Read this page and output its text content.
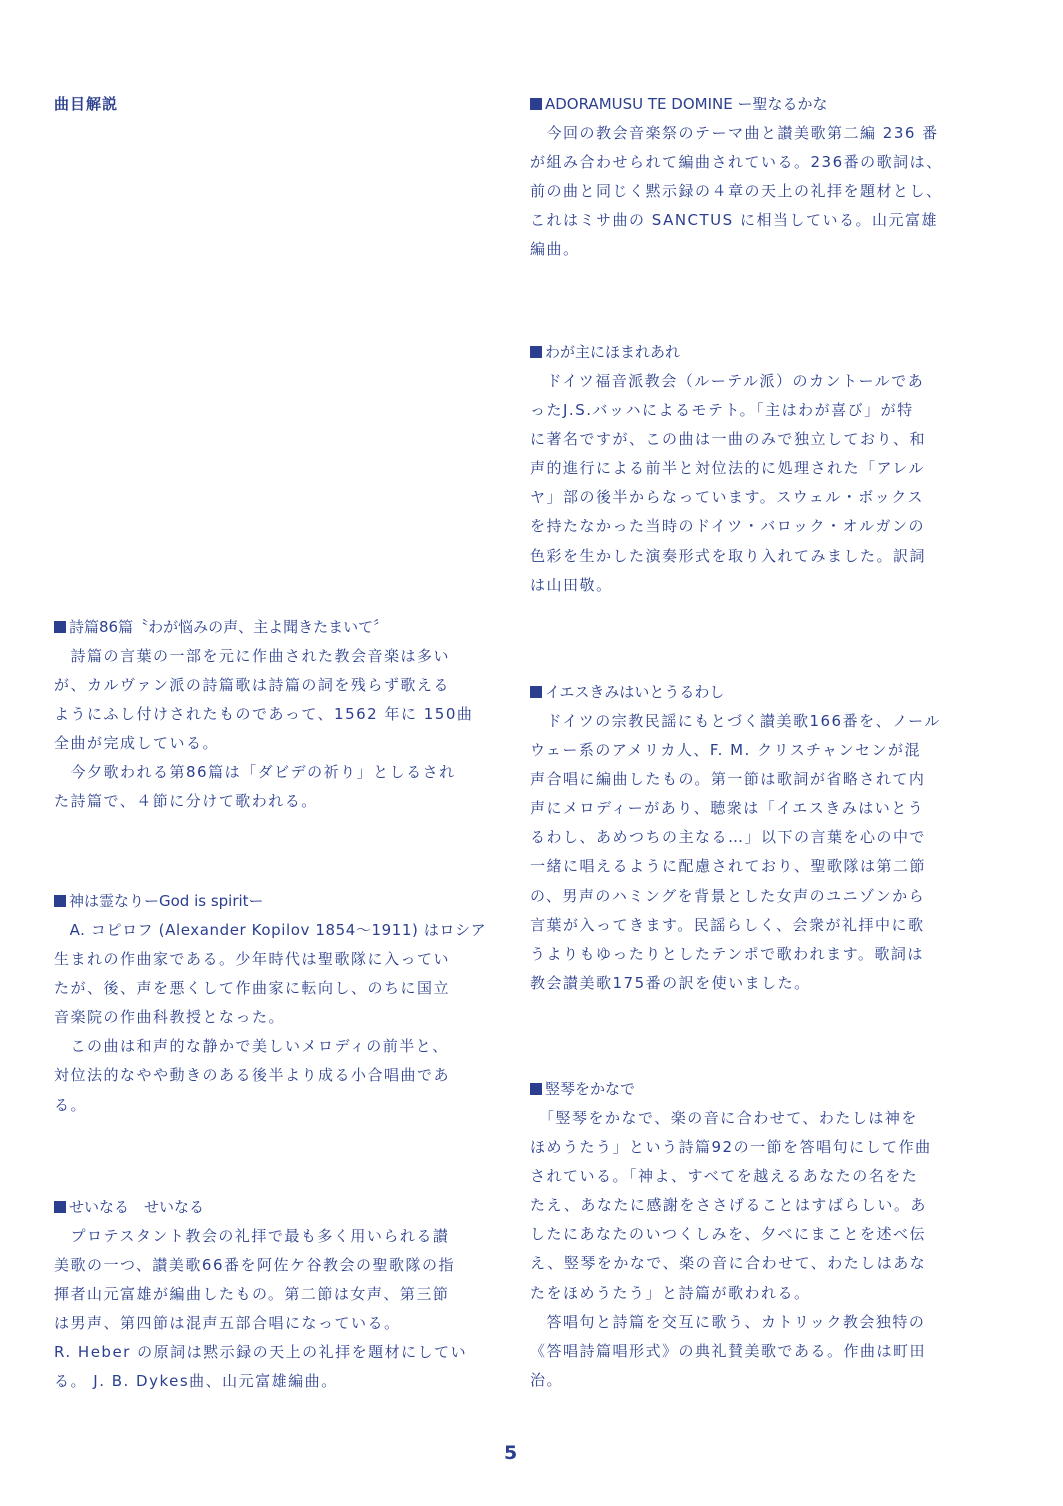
曲目解説	ADORAMUSU TE DOMINE ー聖なるかな
　今回の教会音楽祭のテーマ曲と讃美歌第二編 236 番
が組み合わせられて編曲されている。236番の歌詞は、
前の曲と同じく黙示録の４章の天上の礼拝を題材とし、
これはミサ曲の SANCTUS に相当している。山元富雄
編曲。
わが主にほまれあれ
　ドイツ福音派教会（ルーテル派）のカントールであ
ったJ.S.バッハによるモテト。「主はわが喜び」が特
に著名ですが、この曲は一曲のみで独立しており、和
声的進行による前半と対位法的に処理された「アレル
ヤ」部の後半からなっています。スウェル・ボックス
を持たなかった当時のドイツ・バロック・オルガンの
色彩を生かした演奏形式を取り入れてみました。訳詞
は山田敬。
イエスきみはいとうるわし
　ドイツの宗教民謡にもとづく讃美歌166番を、ノール
ウェー系のアメリカ人、F. M. クリスチャンセンが混
声合唱に編曲したもの。第一節は歌詞が省略されて内
声にメロディーがあり、聴衆は「イエスきみはいとう
るわし、あめつちの主なる…」以下の言葉を心の中で
一緒に唱えるように配慮されており、聖歌隊は第二節
の、男声のハミングを背景とした女声のユニゾンから
言葉が入ってきます。民謡らしく、会衆が礼拝中に歌
うよりもゆったりとしたテンポで歌われます。歌詞は
教会讃美歌175番の訳を使いました。
竪琴をかなで
　「竪琴をかなで、楽の音に合わせて、わたしは神を
ほめうたう」という詩篇92の一節を答唱句にして作曲
されている。「神よ、すべてを越えるあなたの名をた
たえ、あなたに感謝をささげることはすばらしい。あ
したにあなたのいつくしみを、夕べにまことを述べ伝
え、竪琴をかなで、楽の音に合わせて、わたしはあな
たをほめうたう」と詩篇が歌われる。
　答唱句と詩篇を交互に歌う、カトリック教会独特の
《答唱詩篇唱形式》の典礼賛美歌である。作曲は町田
治。
詩篇86篇〝わが悩みの声、主よ聞きたまいて〞
　詩篇の言葉の一部を元に作曲された教会音楽は多い
が、カルヴァン派の詩篇歌は詩篇の詞を残らず歌える
ようにふし付けされたものであって、1562 年に 150曲
全曲が完成している。
　今夕歌われる第86篇は「ダビデの祈り」としるされ
た詩篇で、４節に分けて歌われる。
神は霊なりーGod is spiritー
　A. コピロフ (Alexander Kopilov 1854～1911) はロシア
生まれの作曲家である。少年時代は聖歌隊に入ってい
たが、後、声を悪くして作曲家に転向し、のちに国立
音楽院の作曲科教授となった。
　この曲は和声的な静かで美しいメロディの前半と、
対位法的なやや動きのある後半より成る小合唱曲であ
る。
せいなる　せいなる
　プロテスタント教会の礼拝で最も多く用いられる讃
美歌の一つ、讃美歌66番を阿佐ケ谷教会の聖歌隊の指
揮者山元富雄が編曲したもの。第二節は女声、第三節
は男声、第四節は混声五部合唱になっている。
R. Heber の原詞は黙示録の天上の礼拝を題材にしてい
る。 J. B. Dykes曲、山元富雄編曲。
5
